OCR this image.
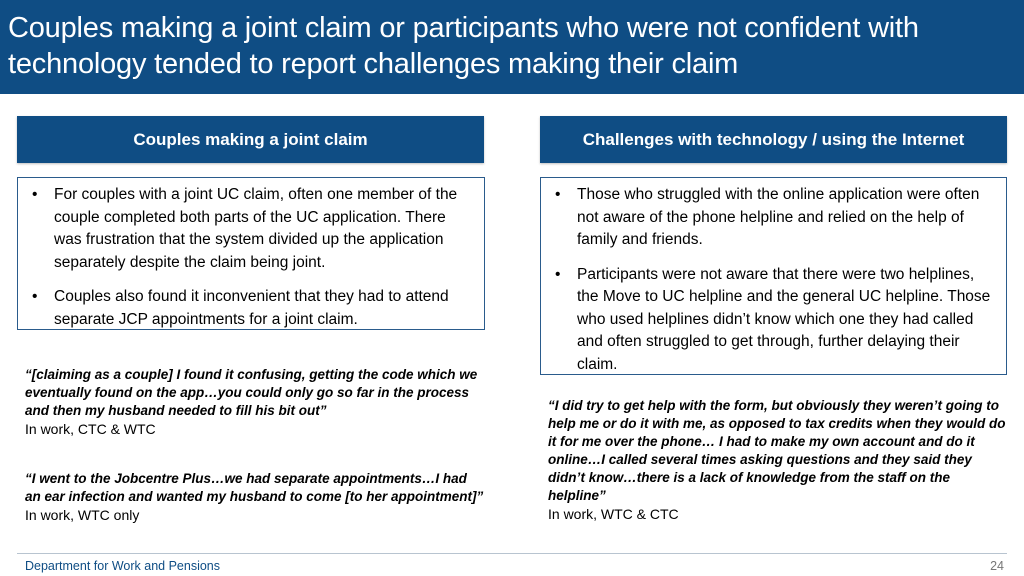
Couples making a joint claim or participants who were not confident with technology tended to report challenges making their claim
Couples making a joint claim	Challenges with technology / using the Internet
• For couples with a joint UC claim, often one member of the couple completed both parts of the UC application. There was frustration that the system divided up the application separately despite the claim being joint.
• Couples also found it inconvenient that they had to attend separate JCP appointments for a joint claim.
• Those who struggled with the online application were often not aware of the phone helpline and relied on the help of family and friends.
• Participants were not aware that there were two helplines, the Move to UC helpline and the general UC helpline. Those who used helplines didn’t know which one they had called and often struggled to get through, further delaying their claim.
“[claiming as a couple] I found it confusing, getting the code which we eventually found on the app…you could only go so far in the process and then my husband needed to fill his bit out”
In work, CTC & WTC
“I went to the Jobcentre Plus…we had separate appointments…I had an ear infection and wanted my husband to come [to her appointment]”
In work, WTC only
“I did try to get help with the form, but obviously they weren’t going to help me or do it with me, as opposed to tax credits when they would do it for me over the phone… I had to make my own account and do it online…I called several times asking questions and they said they didn’t know…there is a lack of knowledge from the staff on the helpline”
In work, WTC & CTC
Department for Work and Pensions	24
